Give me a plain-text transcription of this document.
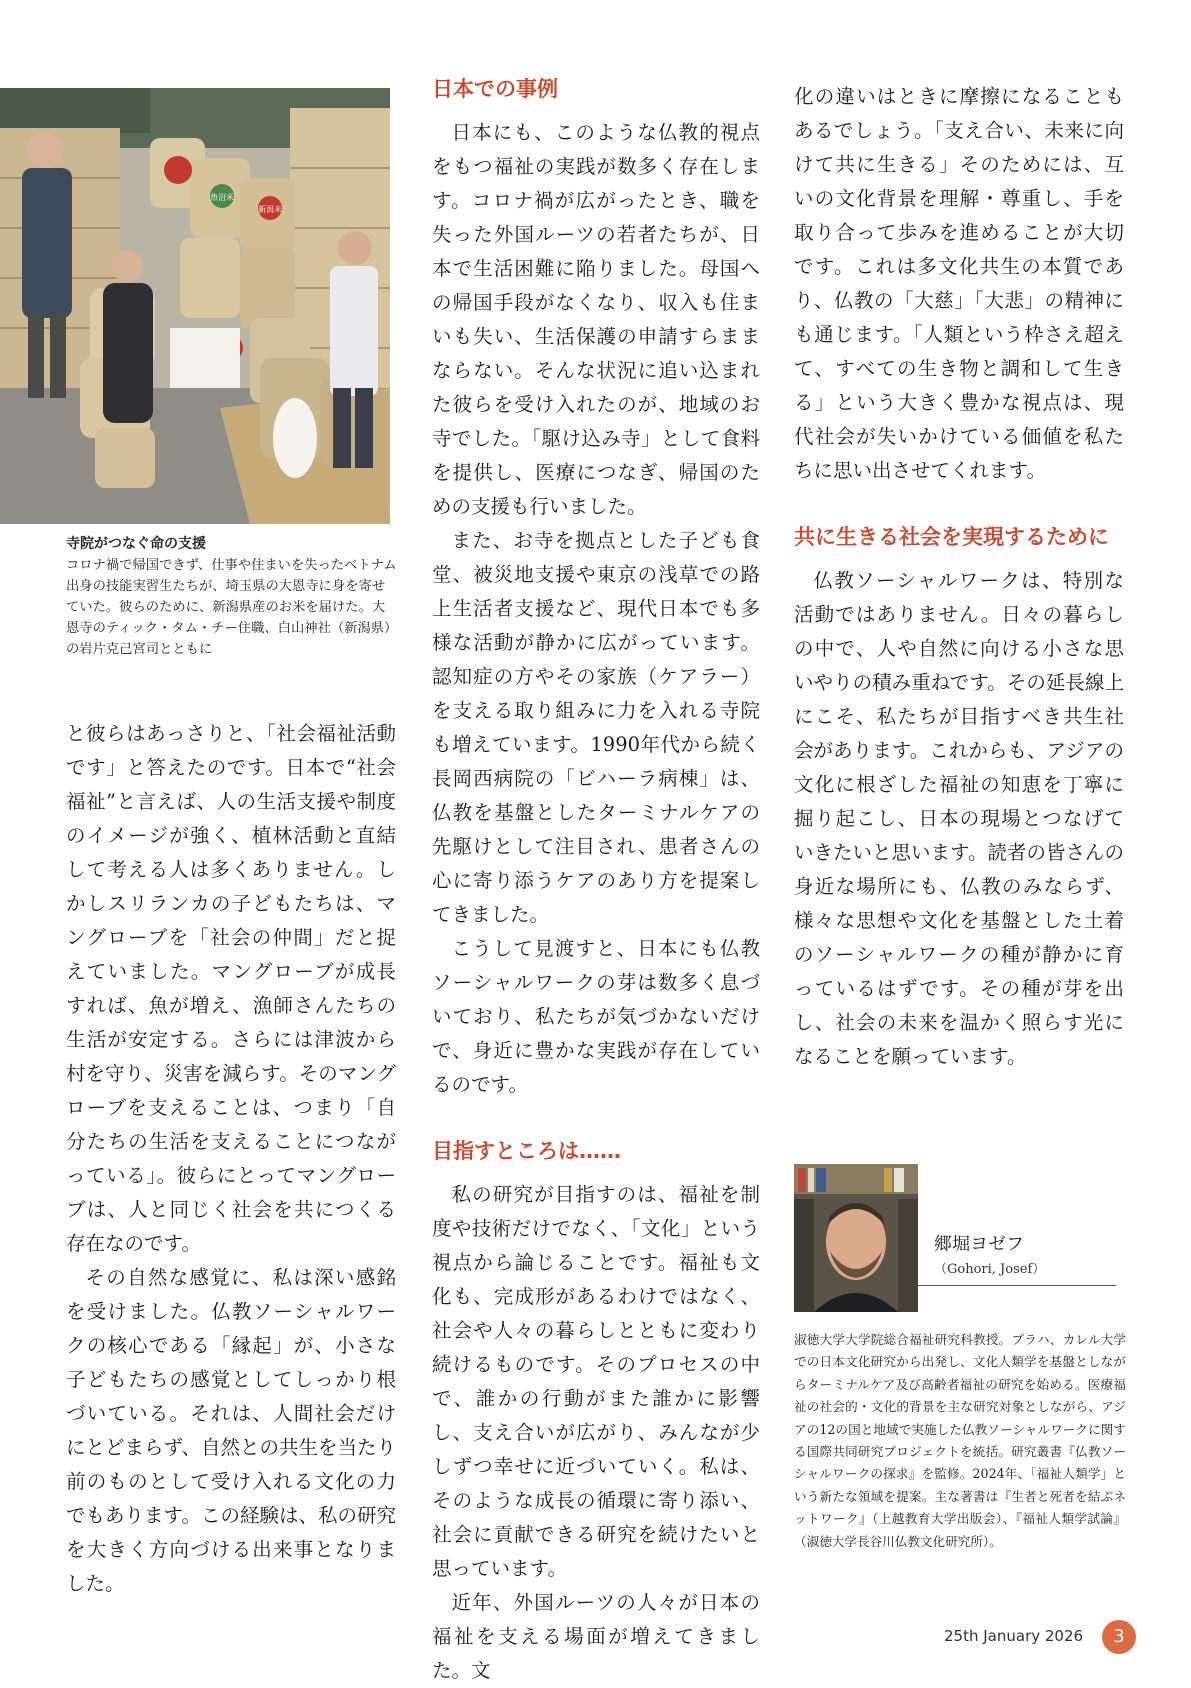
魚沼米
新潟米
寺院がつなぐ命の支援
コロナ禍で帰国できず、仕事や住まいを失ったベトナム出身の技能実習生たちが、埼玉県の大恩寺に身を寄せていた。彼らのために、新潟県産のお米を届けた。大恩寺のティック・タム・チー住職、白山神社（新潟県）の岩片克己宮司とともに

と彼らはあっさりと、「社会福祉活動です」と答えたのです。日本で“社会福祉”と言えば、人の生活支援や制度のイメージが強く、植林活動と直結して考える人は多くありません。しかしスリランカの子どもたちは、マングローブを「社会の仲間」だと捉えていました。マングローブが成長すれば、魚が増え、漁師さんたちの生活が安定する。さらには津波から村を守り、災害を減らす。そのマングローブを支えることは、つまり「自分たちの生活を支えることにつながっている」。彼らにとってマングローブは、人と同じく社会を共につくる存在なのです。

その自然な感覚に、私は深い感銘を受けました。仏教ソーシャルワークの核心である「縁起」が、小さな子どもたちの感覚としてしっかり根づいている。それは、人間社会だけにとどまらず、自然との共生を当たり前のものとして受け入れる文化の力でもあります。この経験は、私の研究を大きく方向づける出来事となりました。

日本での事例

日本にも、このような仏教的視点をもつ福祉の実践が数多く存在します。コロナ禍が広がったとき、職を失った外国ルーツの若者たちが、日本で生活困難に陥りました。母国への帰国手段がなくなり、収入も住まいも失い、生活保護の申請すらままならない。そんな状況に追い込まれた彼らを受け入れたのが、地域のお寺でした。「駆け込み寺」として食料を提供し、医療につなぎ、帰国のための支援も行いました。

また、お寺を拠点とした子ども食堂、被災地支援や東京の浅草での路上生活者支援など、現代日本でも多様な活動が静かに広がっています。認知症の方やその家族（ケアラー）を支える取り組みに力を入れる寺院も増えています。1990年代から続く長岡西病院の「ビハーラ病棟」は、仏教を基盤としたターミナルケアの先駆けとして注目され、患者さんの心に寄り添うケアのあり方を提案してきました。

こうして見渡すと、日本にも仏教ソーシャルワークの芽は数多く息づいており、私たちが気づかないだけで、身近に豊かな実践が存在しているのです。

目指すところは……

私の研究が目指すのは、福祉を制度や技術だけでなく、「文化」という視点から論じることです。福祉も文化も、完成形があるわけではなく、社会や人々の暮らしとともに変わり続けるものです。そのプロセスの中で、誰かの行動がまた誰かに影響し、支え合いが広がり、みんなが少しずつ幸せに近づいていく。私は、そのような成長の循環に寄り添い、社会に貢献できる研究を続けたいと思っています。

近年、外国ルーツの人々が日本の福祉を支える場面が増えてきました。文

化の違いはときに摩擦になることもあるでしょう。「支え合い、未来に向けて共に生きる」そのためには、互いの文化背景を理解・尊重し、手を取り合って歩みを進めることが大切です。これは多文化共生の本質であり、仏教の「大慈」「大悲」の精神にも通じます。「人類という枠さえ超えて、すべての生き物と調和して生きる」という大きく豊かな視点は、現代社会が失いかけている価値を私たちに思い出させてくれます。

共に生きる社会を実現するために

仏教ソーシャルワークは、特別な活動ではありません。日々の暮らしの中で、人や自然に向ける小さな思いやりの積み重ねです。その延長線上にこそ、私たちが目指すべき共生社会があります。これからも、アジアの文化に根ざした福祉の知恵を丁寧に掘り起こし、日本の現場とつなげていきたいと思います。読者の皆さんの身近な場所にも、仏教のみならず、様々な思想や文化を基盤とした土着のソーシャルワークの種が静かに育っているはずです。その種が芽を出し、社会の未来を温かく照らす光になることを願っています。

郷堀ヨゼフ
（Gohori, Josef）

淑徳大学大学院総合福祉研究科教授。プラハ、カレル大学での日本文化研究から出発し、文化人類学を基盤としながらターミナルケア及び高齢者福祉の研究を始める。医療福祉の社会的・文化的背景を主な研究対象としながら、アジアの12の国と地域で実施した仏教ソーシャルワークに関する国際共同研究プロジェクトを統括。研究叢書『仏教ソーシャルワークの探求』を監修。2024年、「福祉人類学」という新たな領域を提案。主な著書は『生者と死者を結ぶネットワーク』（上越教育大学出版会）、『福祉人類学試論』（淑徳大学長谷川仏教文化研究所）。

25th January 2026	3
